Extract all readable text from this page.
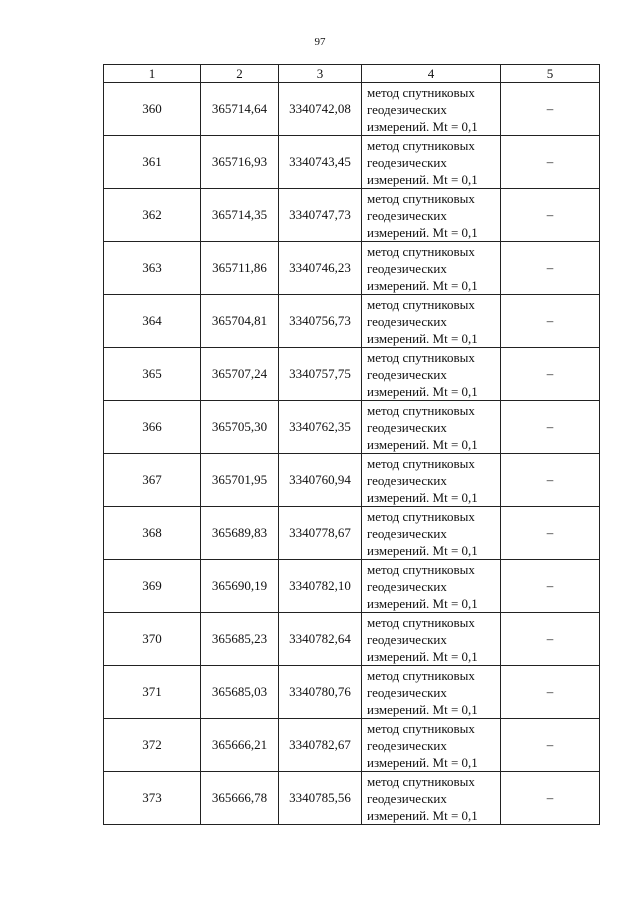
97
1	2	3	4	5
360	365714,64	3340742,08	метод спутниковых
геодезических
измерений. Mt = 0,1	–
361	365716,93	3340743,45	метод спутниковых
геодезических
измерений. Mt = 0,1	–
362	365714,35	3340747,73	метод спутниковых
геодезических
измерений. Mt = 0,1	–
363	365711,86	3340746,23	метод спутниковых
геодезических
измерений. Mt = 0,1	–
364	365704,81	3340756,73	метод спутниковых
геодезических
измерений. Mt = 0,1	–
365	365707,24	3340757,75	метод спутниковых
геодезических
измерений. Mt = 0,1	–
366	365705,30	3340762,35	метод спутниковых
геодезических
измерений. Mt = 0,1	–
367	365701,95	3340760,94	метод спутниковых
геодезических
измерений. Mt = 0,1	–
368	365689,83	3340778,67	метод спутниковых
геодезических
измерений. Mt = 0,1	–
369	365690,19	3340782,10	метод спутниковых
геодезических
измерений. Mt = 0,1	–
370	365685,23	3340782,64	метод спутниковых
геодезических
измерений. Mt = 0,1	–
371	365685,03	3340780,76	метод спутниковых
геодезических
измерений. Mt = 0,1	–
372	365666,21	3340782,67	метод спутниковых
геодезических
измерений. Mt = 0,1	–
373	365666,78	3340785,56	метод спутниковых
геодезических
измерений. Mt = 0,1	–
